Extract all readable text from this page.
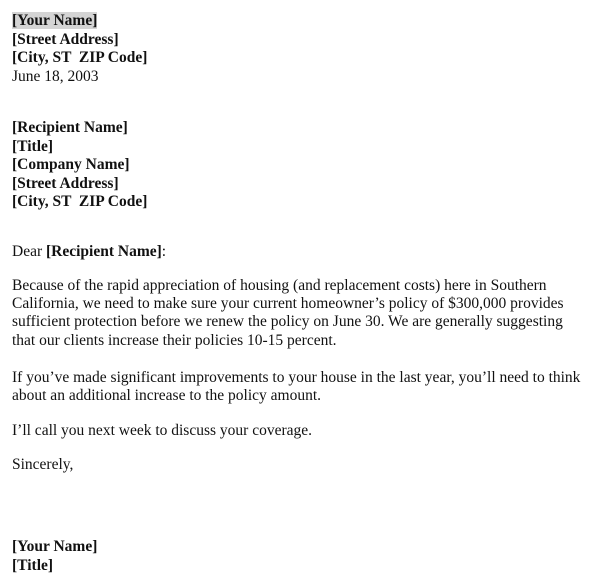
[Your Name]
[Street Address]
[City, ST  ZIP Code]
June 18, 2003
[Recipient Name]
[Title]
[Company Name]
[Street Address]
[City, ST  ZIP Code]
Dear [Recipient Name]:

Because of the rapid appreciation of housing (and replacement costs) here in Southern California, we need to make sure your current homeowner’s policy of $300,000 provides sufficient protection before we renew the policy on June 30. We are generally suggesting that our clients increase their policies 10-15 percent.

If you’ve made significant improvements to your house in the last year, you’ll need to think about an additional increase to the policy amount.

I’ll call you next week to discuss your coverage.

Sincerely,
[Your Name]
[Title]
